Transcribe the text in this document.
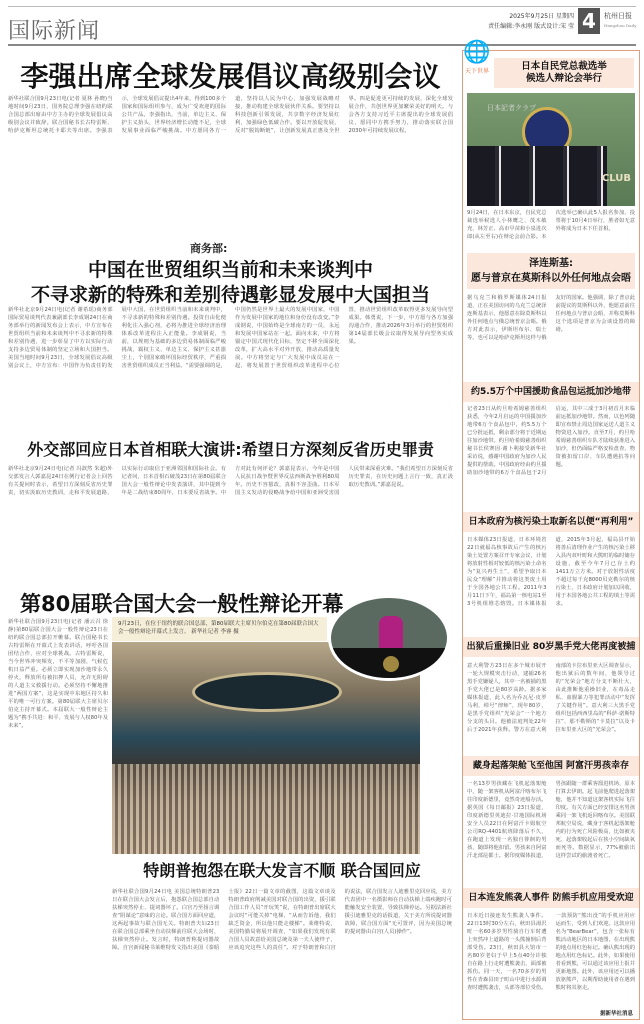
国际新闻
2025年9月25日 星期四
责任编辑:李永刚 版式设计:宋 莹 4	杭州日报
Hangzhou Daily
李强出席全球发展倡议高级别会议
新华社联合国9月23日电(记者 夏林 孙晓)当地时间9月23日，国务院总理李强在纽约联合国总部出席由中方主办的全球发展倡议高级别会议并致辞。联合国秘书长古特雷斯、哈萨克斯坦总统托卡耶夫等出席。李强表示，全球发展倡议提出4年来，得到100多个国家和国际组织参与，成为广受欢迎的国际公共产品。李强指出，当前，单边主义、保护主义抬头，世界经济增长动能不足，全球发展事业面临严峻挑战。中方愿同各方一道，坚持以人民为中心，加强发展战略对接，推动构建全球发展伙伴关系。要坚持以科技创新引领发展，共享数字经济发展红利，加强绿色低碳合作。要以开放促发展，反对“脱钩断链”，让创新发展真正惠及全世界。四是促进更可持续的发展，深化全球发展合作，共创世界更加繁荣美好的明天。与会各方支持习近平主席提出的全球发展倡议，愿同中方携手努力，推动落实联合国2030年可持续发展议程。
商务部:
中国在世贸组织当前和未来谈判中
不寻求新的特殊和差别待遇彰显发展中大国担当
新华社北京9月24日电(记者 谢希瑶)商务部国际贸易谈判代表兼副部长李成钢24日在商务部举行的新闻发布会上表示，中方宣布在世贸组织当前和未来谈判中不寻求新的特殊和差别待遇，进一步彰显了中方以实际行动支持多边贸易体制的坚定立场和大国担当。美国当地时间9月23日，全球发展倡议高级别会议上，中方宣布：中国作为负责任的发展中大国，在世贸组织当前和未来谈判中，不寻求新的特殊和差别待遇。投资自由化便利化注入强心剂，必将为推进全球经济治理体系改革进程注入正能量。李成钢说，当前，以规则为基础的多边贸易体制面临严峻挑战，霸权主义、单边主义、保护主义甚嚣尘上，个别国家破坏国际经贸秩序，严重损害世贸组织成员正当利益。“需要强调的是，中国仍然是世界上最大的发展中国家，中国作为发展中国家的地位和身份没有改变。”李成钢说，中国始终是全球南方的一员，永远和发展中国家站在一起。面向未来，中方将锚定中国式现代化目标，坚定不移全面深化改革，扩大高水平对外开放，推动高质量发展。中方将坚定与广大发展中成员站在一起，将发展置于世贸组织改革进程中心位置，推动世贸组织改革取得更多发展导向型成果。韩勇说，下一步，中方愿与各方加强沟通合作，推动2026年3月举行的世贸组织第14届部长级会议取得发展导向型务实成果。
外交部回应日本首相联大演讲:希望日方深刻反省历史罪责
新华社北京9月24日电(记者 冯歆然 朱超)外交部发言人郭嘉昆24日在例行记者会上回答有关提问时表示，希望日方深刻反省历史罪责，切实汲取历史教训，走和平发展道路，以实际行动取信于亚洲邻国和国际社会。有记者问，日本首相石破茂23日在第80届联合国大会一般性辩论中发表演讲，其中提到今年是二战结束80周年，日本要反省战争。中方对此有何评论？郭嘉昆表示，今年是中国人民抗日战争暨世界反法西斯战争胜利80周年。历史不容篡改，真相不容歪曲。日本军国主义发动的侵略战争给中国和亚洲受害国人民带来深重灾难。“我们希望日方深刻反省历史罪责，在历史问题上言行一致，真正汲取历史教训。”郭嘉昆说。
第80届联合国大会一般性辩论开幕
新华社联合国9月23日电(记者 潘云召 徐静)第80届联合国大会一般性辩论23日在纽约联合国总部拉开帷幕。联合国秘书长古特雷斯在开幕式上发表讲话，呼吁各国团结合作，应对全球挑战。古特雷斯说，当今世界冲突频发，不平等加剧，气候危机日益严重。必须立即实现加沙地带永久停火，释放所有被扣押人员，允许无阻碍的人道主义救援行动。必须坚持不懈地推进“两国方案”，这是实现中东地区持久和平的唯一可行方案。第80届联大主席贝尔伯克主持开幕式。本届联大一般性辩论主题为“携手共进：和平、发展与人权80年及未来”。
9月23日，在位于纽约的联合国总部，第80届联大主席贝尔伯克在第80届联合国大会一般性辩论开幕式上发言。 新华社记者 李睿 摄
特朗普抱怨在联大发言不顺 联合国回应
新华社联合国9月24日电 美国总统特朗普23日在联合国大会发言后，抱怨联合国总部自动扶梯突然停止、提词器坏了。白宫乃至扬言调查“阴谋论”意味的言论。联合国方面回应道，这两起事故与联合国无关。特朗普夫妇23日在联合国总部乘坐自动扶梯前往联大会场时，扶梯突然停止。发言时，特朗普称提词器故障。自宫新闻秘书莱维特发文指出美国《泰晤士报》22日一篇文章的截图，这篇文章谈及特朗普政府削减美国对联合国的出资，援引联合国工作人员“开玩笑”说，在特朗普出席联大会议时“可能关掉”电梯，“从而告诉他，我们缺乏资金，所以他只能走楼梯”。莱维特说，美国特勤局将展开调查，“如果我们发现有联合国人员故意给美国总统及第一夫人使绊子，应该追究这些人的责任”。对于特朗普和白宫的说法，联合国发言人迪雅里克回应说，美方代表团中一名摄影师在自动扶梯上端疾跑时可能触发安全装置，导致扶梯停运。另据法新社援引迪雅里克的话报道，关于美方所说提词器故障，联合国方面“无可置评，因为美国总统的提词器由白宫(人员)操作”。
🌐
天下世界	日本自民党总裁选举
候选人辩论会举行
日本記者クラブ
CLUB
9月24日，在日本东京，自民党总裁选举候选人小林鹰之、茂木敏充、林芳正、高市早苗和小泉进次郎(从左至右)在辩论会前合影。本次选举已确认此5人报名参加，投票将于10月4日举行，胜者如无意外将成为日本下任首相。
泽连斯基:
愿与普京在莫斯科以外任何地点会晤
据乌克兰和俄罗斯媒体24日报道，正在美国访问的乌克兰总统泽连斯基表示，他愿意在除莫斯科以外任何地点与俄总统普京会晤。俄方对此表示，伊斯坦布尔、瑞士等，也可以是哈萨克斯坦这样与俄友好的国家。他强调，除了普京此前提议的莫斯科以外，他愿意前往任何地点与普京会晤，并称莫斯科这个选项是普京为会谈设置的障碍。
约5.5万个中国援助食品包运抵加沙地带
记者23日从约旦哈希姆慈善组织获悉，今年2月启运的中国援加沙地带6万个食品包中，约5.5万个已分批运抵，剩余部分将于近期运往加沙地带。约旦哈希姆慈善组织秘书长侯赛因·谢卜利接受新华社采访说，感谢中国政府为加沙人民提供的帮助。中国政府经由约旦援助加沙地带的6万个食品包于2月启运，其中三成于3月初首月末临前运抵加沙地带。然而，以色列随即宣布禁止周边国家运送人道主义物资进入加沙。直至7月，约旦哈希姆慈善组织车队才陆续获准进入加沙，但仍面临严格安检盘查、物资被扣留口岸、车队遭遇抗等问题。
日本政府为核污染土取新名以便“再利用”
日本媒体23日报道，日本环境省22日就福岛核事故后产生的核污染土处置方案召开专家会议，计划将放射性相对较低的核污染土命名为“复兴再生土”，希望争取日本民众“理解”并推动将这类废土用于全国各地公共工程。2011年3月11日下午，福岛第一核电站1至3号机组堆芯熔毁。日本媒体报道，2015年3月起，福岛县开始将善后清理作业产生的核污染土移入县内双叶町和大熊町的临时储存设施，截至今年7月已存土约1411万立方米。对于放射性活度不超过每千克8000贝克勒尔的核污染土，日本政府计划加以回收，用于本国各地公共工程的填土等需求。
出狱后重操旧业 80岁黑手党大佬再度被捕
意大利警方23日在多个城市展开一轮大规模突击行动，逮捕26名黑手党嫌疑人，其中一名被捕的黑手党大佬已是80岁高龄。据多家媒体报道，此人名为乔瓦尼·皮罗马利，绰号“律师”，现年80岁，是黑手党组织“光荣会”一个地方分支的头目。他被法庭判处22年后于2021年获释。警方在意大利南部的卡拉布里亚大区调查显示，他出狱后的数年间，他领导过的“光荣会”地方分支不断壮大，由此推断他重操旧业，在毒品走私、血腥暴力等犯罪活动中“发挥了关键作用”。意大利三大黑手党组织包括西西里岛的“科萨·诺斯特拉”、那不勒斯的“卡莫拉”以及卡拉布里亚大区的“光荣会”。
藏身起落架舱飞至他国 阿富汗男孩幸存
一名13岁男孩藏在飞机起落架舱中，随一架客机从阿富汗喀布尔飞往印度新德里，竟然奇迹般存活。据英国《每日邮报》23日报道，印度新德里英迪拉·甘地国际机场安全人员22日在阿富汗卡姆航空公司RQ-4401航班降落后不久，在跑道上发现一名独自徘徊的男孩，随即将他扣留。男孩来自阿富汗北部昆都士。据印度媒体报道，男孩跟随一群乘客溜进机场，原本打算去伊朗。起飞前他爬进起落架舱，他并不知道这架客机实际飞往印度。有关方面已经安排这名男孩乘同一架飞机返回喀布尔。美国联邦航空局说，藏身于客机起落架舱内的行为死亡风险极高，比如被夹死、起落架收起后在狭小空间缺氧而死等。数据显示，77%被偷出这样尝试的偷渡者死亡。
日本连发熊袭人事件 防熊手机应用受欢迎
日本近日接连发生熊袭人事件。22日13时30分左右，秋田县湯沢町一名60多岁男性骑自行车时遭上突然冲上道路的一头熊撞倒后背部受伤。23日，秋田县大馆市一名80岁老妇于早上5点40分许独自在路上行走时遭熊袭击，面部被抓伤。同一天，一名70多岁的男性在青森县田子町山中进行水源调查时遭熊袭击，头部等部位受伤。一款预防“熊出没”的手机应用应运而生，受到人们欢迎。这款应用名为“BearBear”，包含一张标有熊活动地区的日本地图，在出现熊的地点用红色标记。确认熊出现的地点用红色标记。此外，如果使用者看到熊，可以通过该应用上报并更新地图。此外，该应用还可以播放驱熊声，以期帮助使用者在遇到熊时将其驱走。
据新华社消息
